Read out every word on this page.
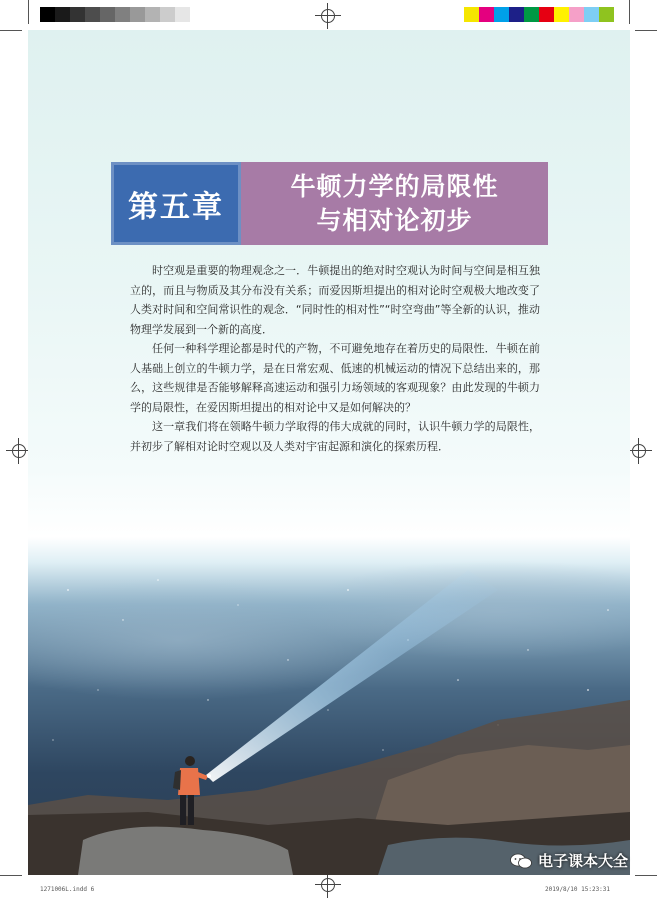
第五章
牛顿力学的局限性
与相对论初步

时空观是重要的物理观念之一．牛顿提出的绝对时空观认为时间与空间是相互独立的，而且与物质及其分布没有关系；而爱因斯坦提出的相对论时空观极大地改变了人类对时间和空间常识性的观念．“同时性的相对性”“时空弯曲”等全新的认识，推动物理学发展到一个新的高度．

任何一种科学理论都是时代的产物，不可避免地存在着历史的局限性．牛顿在前人基础上创立的牛顿力学，是在日常宏观、低速的机械运动的情况下总结出来的，那么，这些规律是否能够解释高速运动和强引力场领域的客观现象？由此发现的牛顿力学的局限性，在爱因斯坦提出的相对论中又是如何解决的？

这一章我们将在领略牛顿力学取得的伟大成就的同时，认识牛顿力学的局限性，并初步了解相对论时空观以及人类对宇宙起源和演化的探索历程．

电子课本大全
1271006L.indd 6	2019/8/10 15:23:31
